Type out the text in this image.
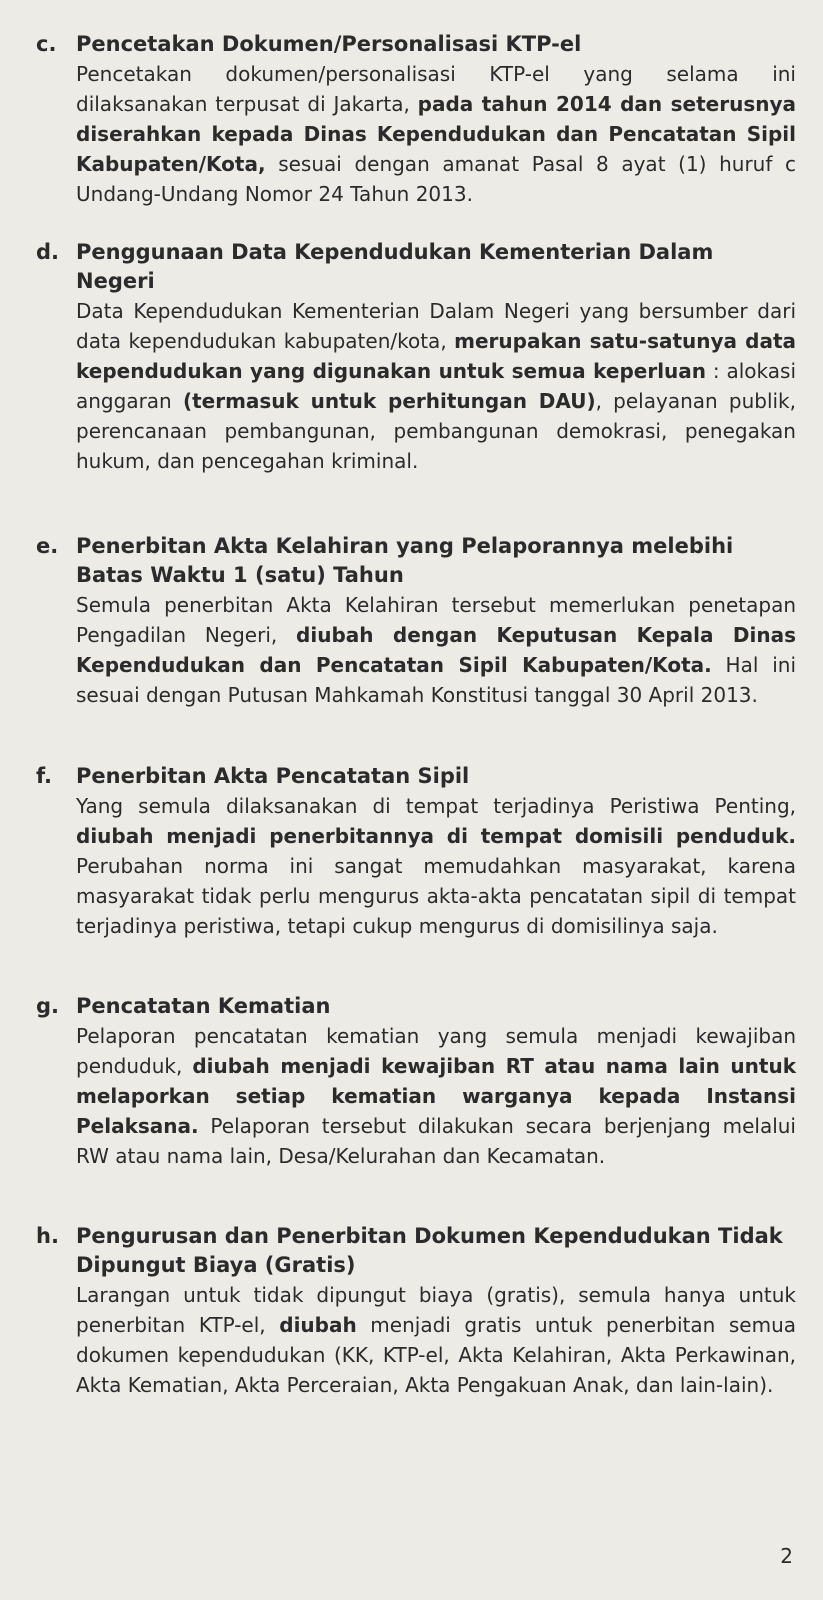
c. Pencetakan Dokumen/Personalisasi KTP-el
Pencetakan dokumen/personalisasi KTP-el yang selama ini dilaksanakan terpusat di Jakarta, pada tahun 2014 dan seterusnya diserahkan kepada Dinas Kependudukan dan Pencatatan Sipil Kabupaten/Kota, sesuai dengan amanat Pasal 8 ayat (1) huruf c Undang-Undang Nomor 24 Tahun 2013.
d. Penggunaan Data Kependudukan Kementerian Dalam Negeri
Data Kependudukan Kementerian Dalam Negeri yang bersumber dari data kependudukan kabupaten/kota, merupakan satu-satunya data kependudukan yang digunakan untuk semua keperluan : alokasi anggaran (termasuk untuk perhitungan DAU), pelayanan publik, perencanaan pembangunan, pembangunan demokrasi, penegakan hukum, dan pencegahan kriminal.
e. Penerbitan Akta Kelahiran yang Pelaporannya melebihi Batas Waktu 1 (satu) Tahun
Semula penerbitan Akta Kelahiran tersebut memerlukan penetapan Pengadilan Negeri, diubah dengan Keputusan Kepala Dinas Kependudukan dan Pencatatan Sipil Kabupaten/Kota. Hal ini sesuai dengan Putusan Mahkamah Konstitusi tanggal 30 April 2013.
f.	Penerbitan Akta Pencatatan Sipil
Yang semula dilaksanakan di tempat terjadinya Peristiwa Penting, diubah menjadi penerbitannya di tempat domisili penduduk. Perubahan norma ini sangat memudahkan masyarakat, karena masyarakat tidak perlu mengurus akta-akta pencatatan sipil di tempat terjadinya peristiwa, tetapi cukup mengurus di domisilinya saja.
g. Pencatatan Kematian
Pelaporan pencatatan kematian yang semula menjadi kewajiban penduduk, diubah menjadi kewajiban RT atau nama lain untuk melaporkan setiap kematian warganya kepada Instansi Pelaksana. Pelaporan tersebut dilakukan secara berjenjang melalui RW atau nama lain, Desa/Kelurahan dan Kecamatan.
h. Pengurusan dan Penerbitan Dokumen Kependudukan Tidak Dipungut Biaya (Gratis)
Larangan untuk tidak dipungut biaya (gratis), semula hanya untuk penerbitan KTP-el, diubah menjadi gratis untuk penerbitan semua dokumen kependudukan (KK, KTP-el, Akta Kelahiran, Akta Perkawinan, Akta Kematian, Akta Perceraian, Akta Pengakuan Anak, dan lain-lain).
2
